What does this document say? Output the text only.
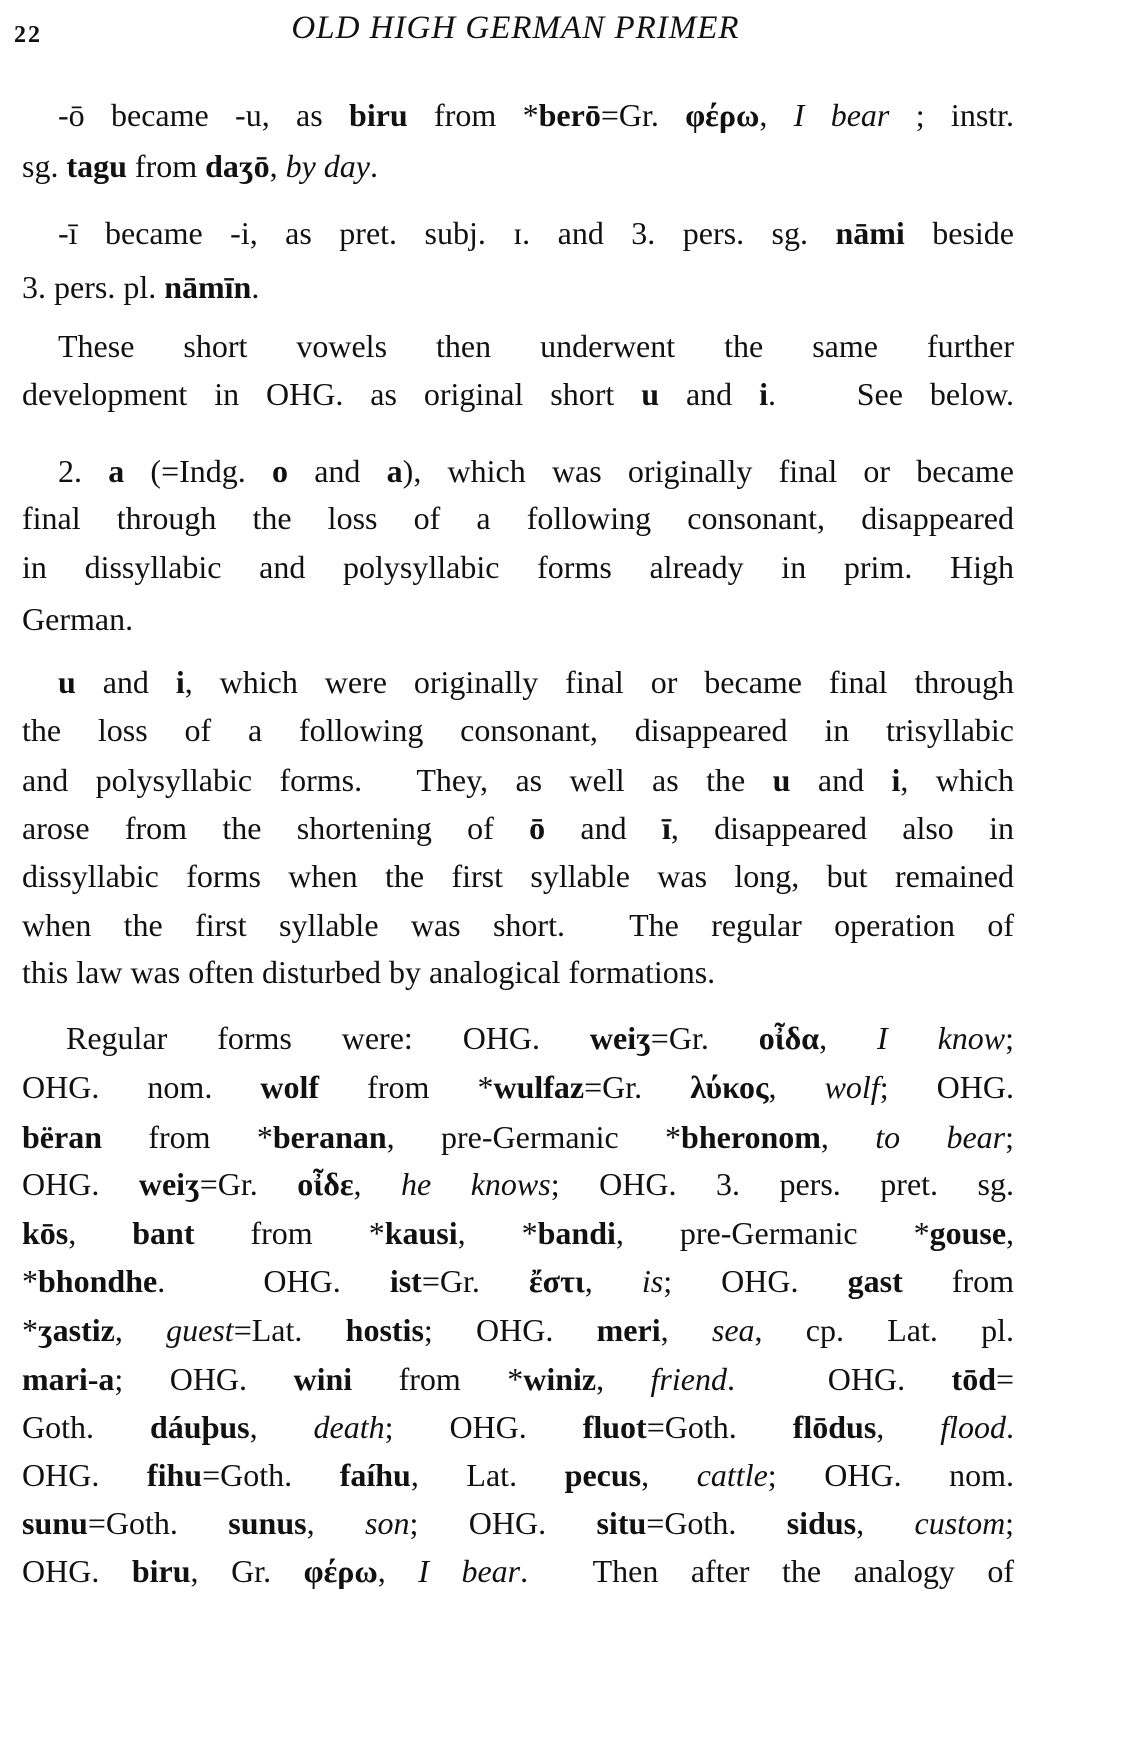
22	OLD HIGH GERMAN PRIMER
-ō became -u, as biru from *berō=Gr. φέρω, I bear ; instr.
sg. tagu from daʒō, by day.
-ī became -i, as pret. subj. ɪ. and 3. pers. sg. nāmi beside
3. pers. pl. nāmīn.
These short vowels then underwent the same further
development in OHG. as original short u and i.   See below.
2. a (=Indg. o and a), which was originally final or became
final through the loss of a following consonant, disappeared
in dissyllabic and polysyllabic forms already in prim. High
German.
u and i, which were originally final or became final through
the loss of a following consonant, disappeared in trisyllabic
and polysyllabic forms.  They, as well as the u and i, which
arose from the shortening of ō and ī, disappeared also in
dissyllabic forms when the first syllable was long, but remained
when the first syllable was short.  The regular operation of
this law was often disturbed by analogical formations.
Regular forms were: OHG. weiʒ=Gr. οἶδα, I know;
OHG. nom. wolf from *wulfaz=Gr. λύκος, wolf; OHG.
bëran from *beranan, pre-Germanic *bheronom, to bear;
OHG. weiʒ=Gr. οἶδε, he knows; OHG. 3. pers. pret. sg.
kōs, bant from *kausi, *bandi, pre-Germanic *gouse,
*bhondhe.  OHG. ist=Gr. ἔστι, is; OHG. gast from
*ʒastiz, guest=Lat. hostis; OHG. meri, sea, cp. Lat. pl.
mari-a; OHG. wini from *winiz, friend.  OHG. tōd=
Goth. dáuþus, death; OHG. fluot=Goth. flōdus, flood.
OHG. fihu=Goth. faíhu, Lat. pecus, cattle; OHG. nom.
sunu=Goth. sunus, son; OHG. situ=Goth. sidus, custom;
OHG. biru, Gr. φέρω, I bear.  Then after the analogy of
